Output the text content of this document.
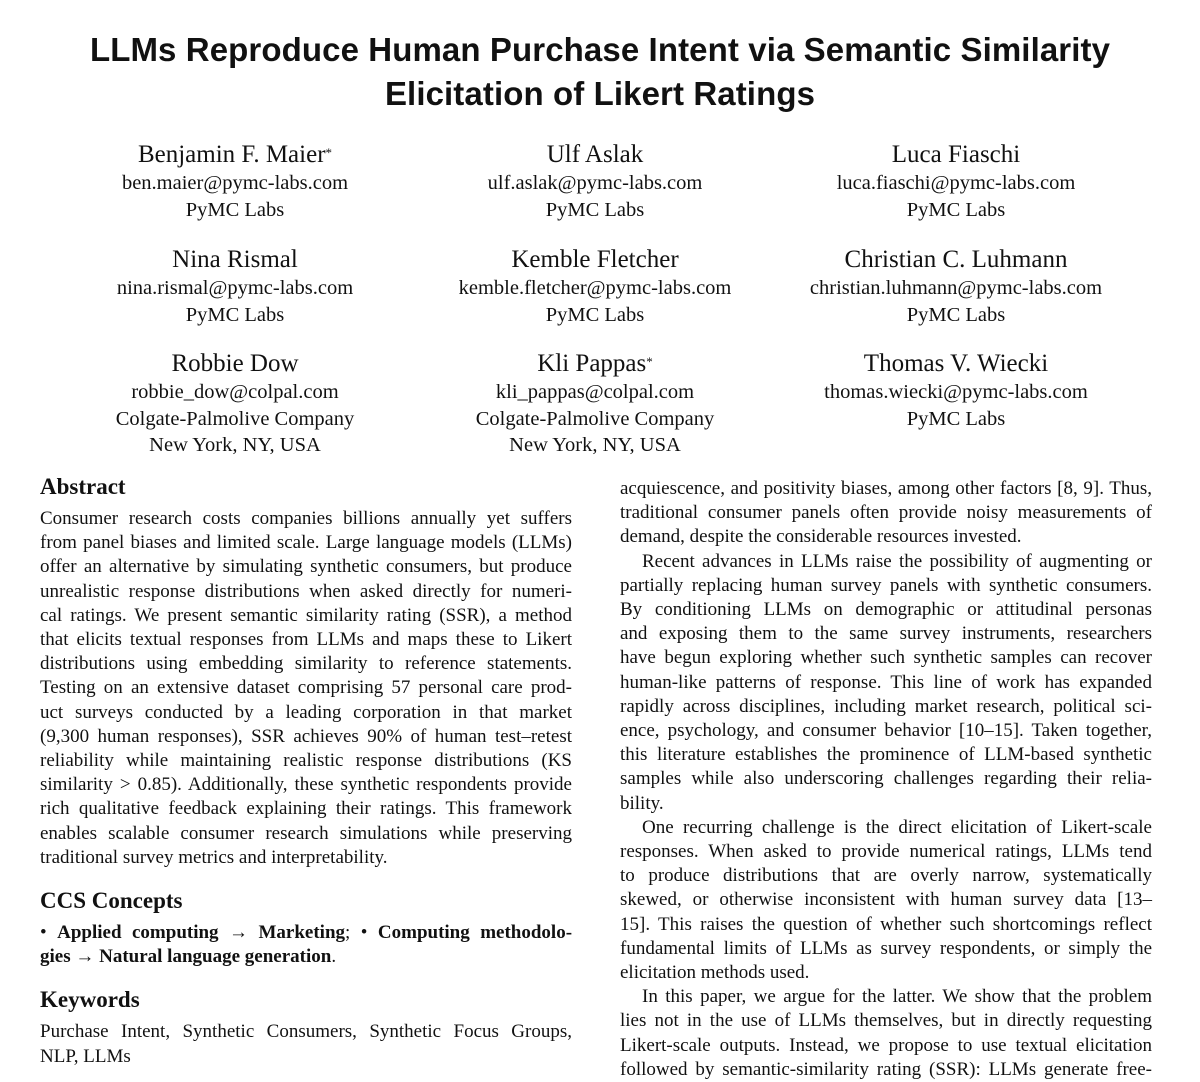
LLMs Reproduce Human Purchase Intent via Semantic Similarity
Elicitation of Likert Ratings
Benjamin F. Maier*
ben.maier@pymc-labs.com
PyMC Labs
Ulf Aslak
ulf.aslak@pymc-labs.com
PyMC Labs
Luca Fiaschi
luca.fiaschi@pymc-labs.com
PyMC Labs
Nina Rismal
nina.rismal@pymc-labs.com
PyMC Labs
Kemble Fletcher
kemble.fletcher@pymc-labs.com
PyMC Labs
Christian C. Luhmann
christian.luhmann@pymc-labs.com
PyMC Labs
Robbie Dow
robbie_dow@colpal.com
Colgate-Palmolive Company
New York, NY, USA
Kli Pappas*
kli_pappas@colpal.com
Colgate-Palmolive Company
New York, NY, USA
Thomas V. Wiecki
thomas.wiecki@pymc-labs.com
PyMC Labs
Abstract
Consumer research costs companies billions annually yet suffers
from panel biases and limited scale. Large language models (LLMs)
offer an alternative by simulating synthetic consumers, but produce
unrealistic response distributions when asked directly for numeri-
cal ratings. We present semantic similarity rating (SSR), a method
that elicits textual responses from LLMs and maps these to Likert
distributions using embedding similarity to reference statements.
Testing on an extensive dataset comprising 57 personal care prod-
uct surveys conducted by a leading corporation in that market
(9,300 human responses), SSR achieves 90% of human test–retest
reliability while maintaining realistic response distributions (KS
similarity > 0.85). Additionally, these synthetic respondents provide
rich qualitative feedback explaining their ratings. This framework
enables scalable consumer research simulations while preserving
traditional survey metrics and interpretability.
CCS Concepts
• Applied computing → Marketing; • Computing methodolo-
gies → Natural language generation.
Keywords
Purchase Intent, Synthetic Consumers, Synthetic Focus Groups,
NLP, LLMs
acquiescence, and positivity biases, among other factors [8, 9]. Thus,
traditional consumer panels often provide noisy measurements of
demand, despite the considerable resources invested.
Recent advances in LLMs raise the possibility of augmenting or
partially replacing human survey panels with synthetic consumers.
By conditioning LLMs on demographic or attitudinal personas
and exposing them to the same survey instruments, researchers
have begun exploring whether such synthetic samples can recover
human-like patterns of response. This line of work has expanded
rapidly across disciplines, including market research, political sci-
ence, psychology, and consumer behavior [10–15]. Taken together,
this literature establishes the prominence of LLM-based synthetic
samples while also underscoring challenges regarding their relia-
bility.
One recurring challenge is the direct elicitation of Likert-scale
responses. When asked to provide numerical ratings, LLMs tend
to produce distributions that are overly narrow, systematically
skewed, or otherwise inconsistent with human survey data [13–
15]. This raises the question of whether such shortcomings reflect
fundamental limits of LLMs as survey respondents, or simply the
elicitation methods used.
In this paper, we argue for the latter. We show that the problem
lies not in the use of LLMs themselves, but in directly requesting
Likert-scale outputs. Instead, we propose to use textual elicitation
followed by semantic-similarity rating (SSR): LLMs generate free-
